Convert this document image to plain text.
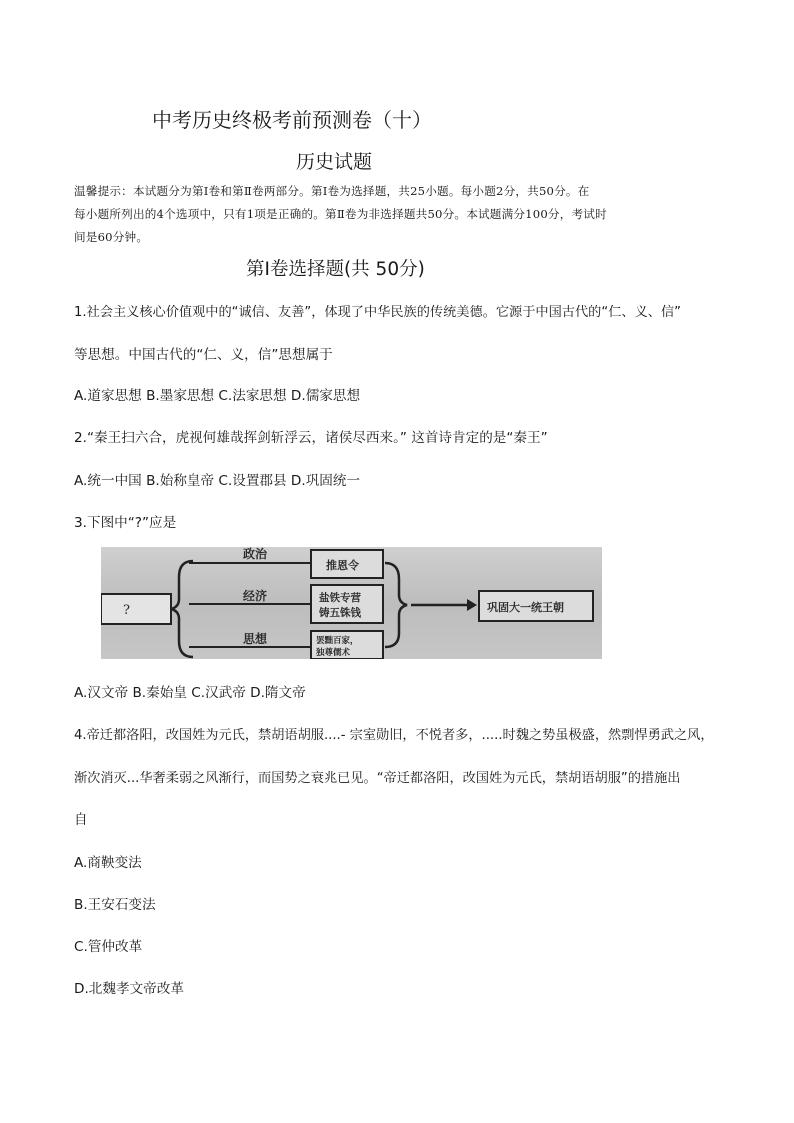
中考历史终极考前预测卷（十）
历史试题
温馨提示：本试题分为第Ⅰ卷和第Ⅱ卷两部分。第Ⅰ卷为选择题，共25小题。每小题2分，共50分。在
每小题所列出的4个选项中，只有1项是正确的。第Ⅱ卷为非选择题共50分。本试题满分100分，考试时
间是60分钟。
第Ⅰ卷选择题(共 50分)
1.社会主义核心价值观中的“诚信、友善”，体现了中华民族的传统美德。它源于中国古代的“仁、义、信”
等思想。中国古代的“仁、义，信”思想属于
A.道家思想 B.墨家思想 C.法家思想 D.儒家思想
2.“秦王扫六合，虎视何雄哉挥剑斩浮云，诸侯尽西来。” 这首诗肯定的是“秦王”
A.统一中国 B.始称皇帝 C.设置郡县 D.巩固统一
3.下图中“?”应是
?
政治
经济
思想
推恩令
盐铁专营
铸五铢钱
罢黜百家，
独尊儒术
巩固大一统王朝
A.汉文帝 B.秦始皇 C.汉武帝 D.隋文帝
4.帝迁都洛阳，改国姓为元氏，禁胡语胡服....- 宗室勋旧，不悦者多，.....时魏之势虽极盛，然剽悍勇武之风，
渐次消灭...华奢柔弱之风渐行，而国势之衰兆已见。“帝迁都洛阳，改国姓为元氏，禁胡语胡服”的措施出
自
A.商鞅变法
B.王安石变法
C.管仲改革
D.北魏孝文帝改革
